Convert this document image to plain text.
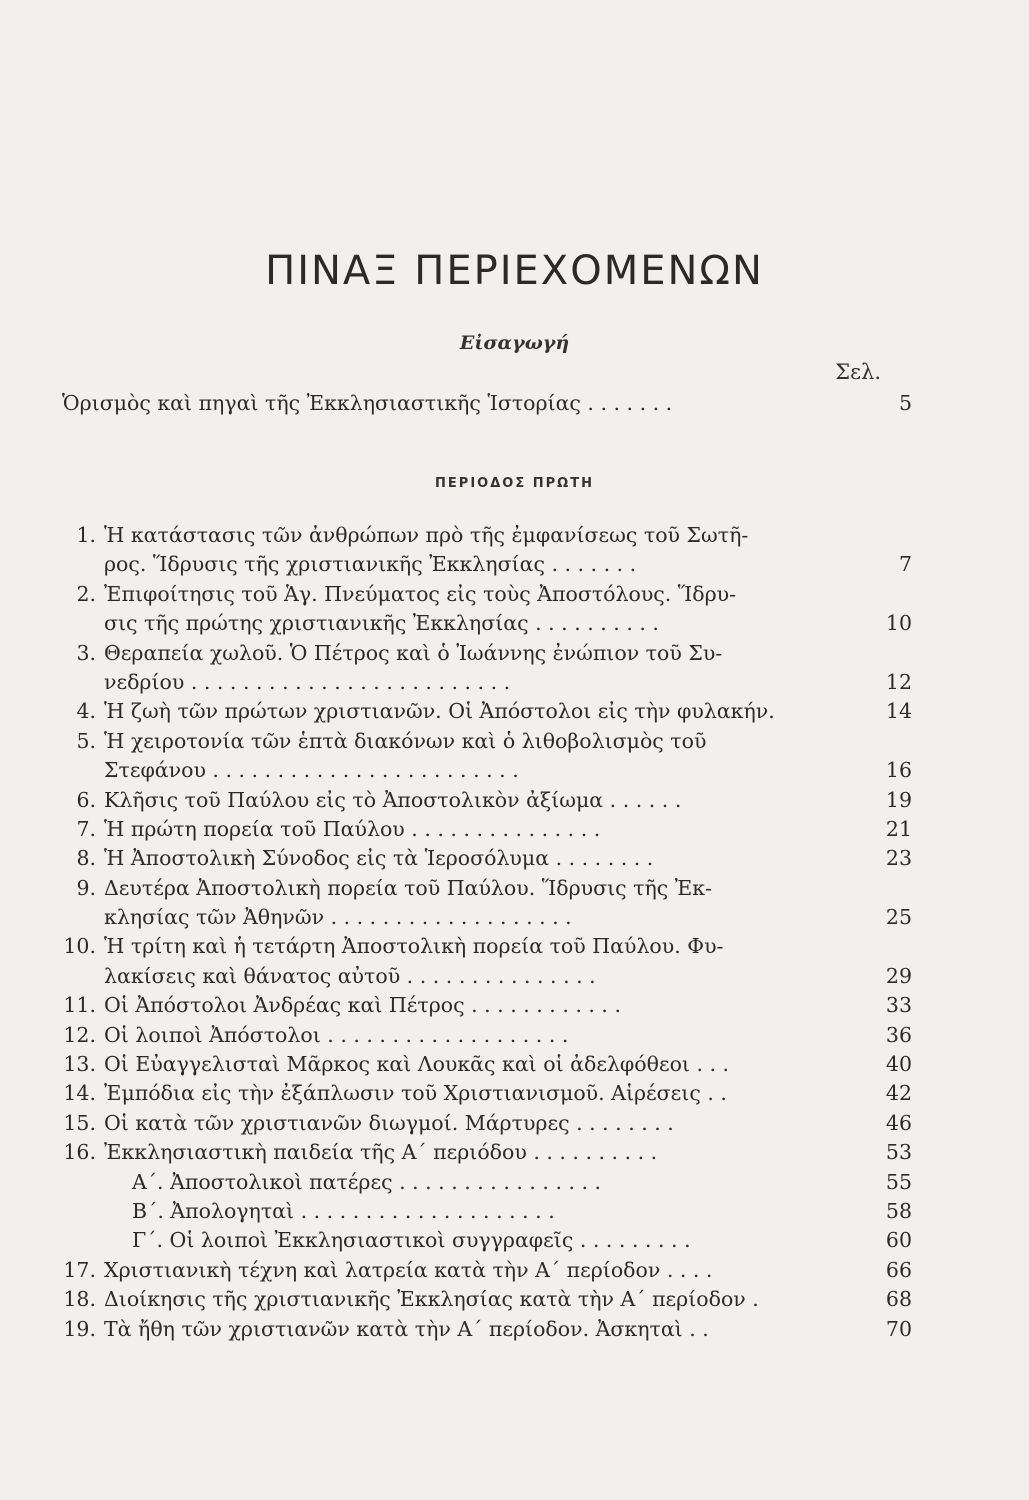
ΠΙΝΑΞ ΠΕΡΙΕΧΟΜΕΝΩΝ
Εἰσαγωγή
Σελ.
Ὁρισμὸς καὶ πηγαὶ τῆς Ἐκκλησιαστικῆς Ἱστορίας . . . . . . .	5
ΠΕΡΙΟΔΟΣ ΠΡΩΤΗ
1. Ἡ κατάστασις τῶν ἀνθρώπων πρὸ τῆς ἐμφανίσεως τοῦ Σωτῆ-
ρος. Ἵδρυσις τῆς χριστιανικῆς Ἐκκλησίας . . . . . . .	7
2. Ἐπιφοίτησις τοῦ Ἁγ. Πνεύματος εἰς τοὺς Ἀποστόλους. Ἵδρυ-
σις τῆς πρώτης χριστιανικῆς Ἐκκλησίας . . . . . . . . . .	10
3. Θεραπεία χωλοῦ. Ὁ Πέτρος καὶ ὁ Ἰωάννης ἐνώπιον τοῦ Συ-
νεδρίου . . . . . . . . . . . . . . . . . . . . . . . . .	12
4. Ἡ ζωὴ τῶν πρώτων χριστιανῶν. Οἱ Ἀπόστολοι εἰς τὴν φυλακήν.	14
5. Ἡ χειροτονία τῶν ἑπτὰ διακόνων καὶ ὁ λιθοβολισμὸς τοῦ
Στεφάνου . . . . . . . . . . . . . . . . . . . . . . . .	16
6. Κλῆσις τοῦ Παύλου εἰς τὸ Ἀποστολικὸν ἀξίωμα . . . . . .	19
7. Ἡ πρώτη πορεία τοῦ Παύλου . . . . . . . . . . . . . . .	21
8. Ἡ Ἀποστολικὴ Σύνοδος εἰς τὰ Ἱεροσόλυμα . . . . . . . .	23
9. Δευτέρα Ἀποστολικὴ πορεία τοῦ Παύλου. Ἵδρυσις τῆς Ἐκ-
κλησίας τῶν Ἀθηνῶν . . . . . . . . . . . . . . . . . . .	25
10. Ἡ τρίτη καὶ ἡ τετάρτη Ἀποστολικὴ πορεία τοῦ Παύλου. Φυ-
λακίσεις καὶ θάνατος αὐτοῦ . . . . . . . . . . . . . . .	29
11. Οἱ Ἀπόστολοι Ἀνδρέας καὶ Πέτρος . . . . . . . . . . . .	33
12. Οἱ λοιποὶ Ἀπόστολοι . . . . . . . . . . . . . . . . . . .	36
13. Οἱ Εὐαγγελισταὶ Μᾶρκος καὶ Λουκᾶς καὶ οἱ ἀδελφόθεοι . . .	40
14. Ἐμπόδια εἰς τὴν ἐξάπλωσιν τοῦ Χριστιανισμοῦ. Αἱρέσεις . .	42
15. Οἱ κατὰ τῶν χριστιανῶν διωγμοί. Μάρτυρες . . . . . . . .	46
16. Ἐκκλησιαστικὴ παιδεία τῆς Α΄ περιόδου . . . . . . . . . .	53
Α΄. Ἀποστολικοὶ πατέρες . . . . . . . . . . . . . . . .	55
Β΄. Ἀπολογηταὶ . . . . . . . . . . . . . . . . . . . .	58
Γ΄. Οἱ λοιποὶ Ἐκκλησιαστικοὶ συγγραφεῖς . . . . . . . . .	60
17. Χριστιανικὴ τέχνη καὶ λατρεία κατὰ τὴν Α΄ περίοδον . . . .	66
18. Διοίκησις τῆς χριστιανικῆς Ἐκκλησίας κατὰ τὴν Α΄ περίοδον .	68
19. Τὰ ἤθη τῶν χριστιανῶν κατὰ τὴν Α΄ περίοδον. Ἀσκηταὶ . .	70
